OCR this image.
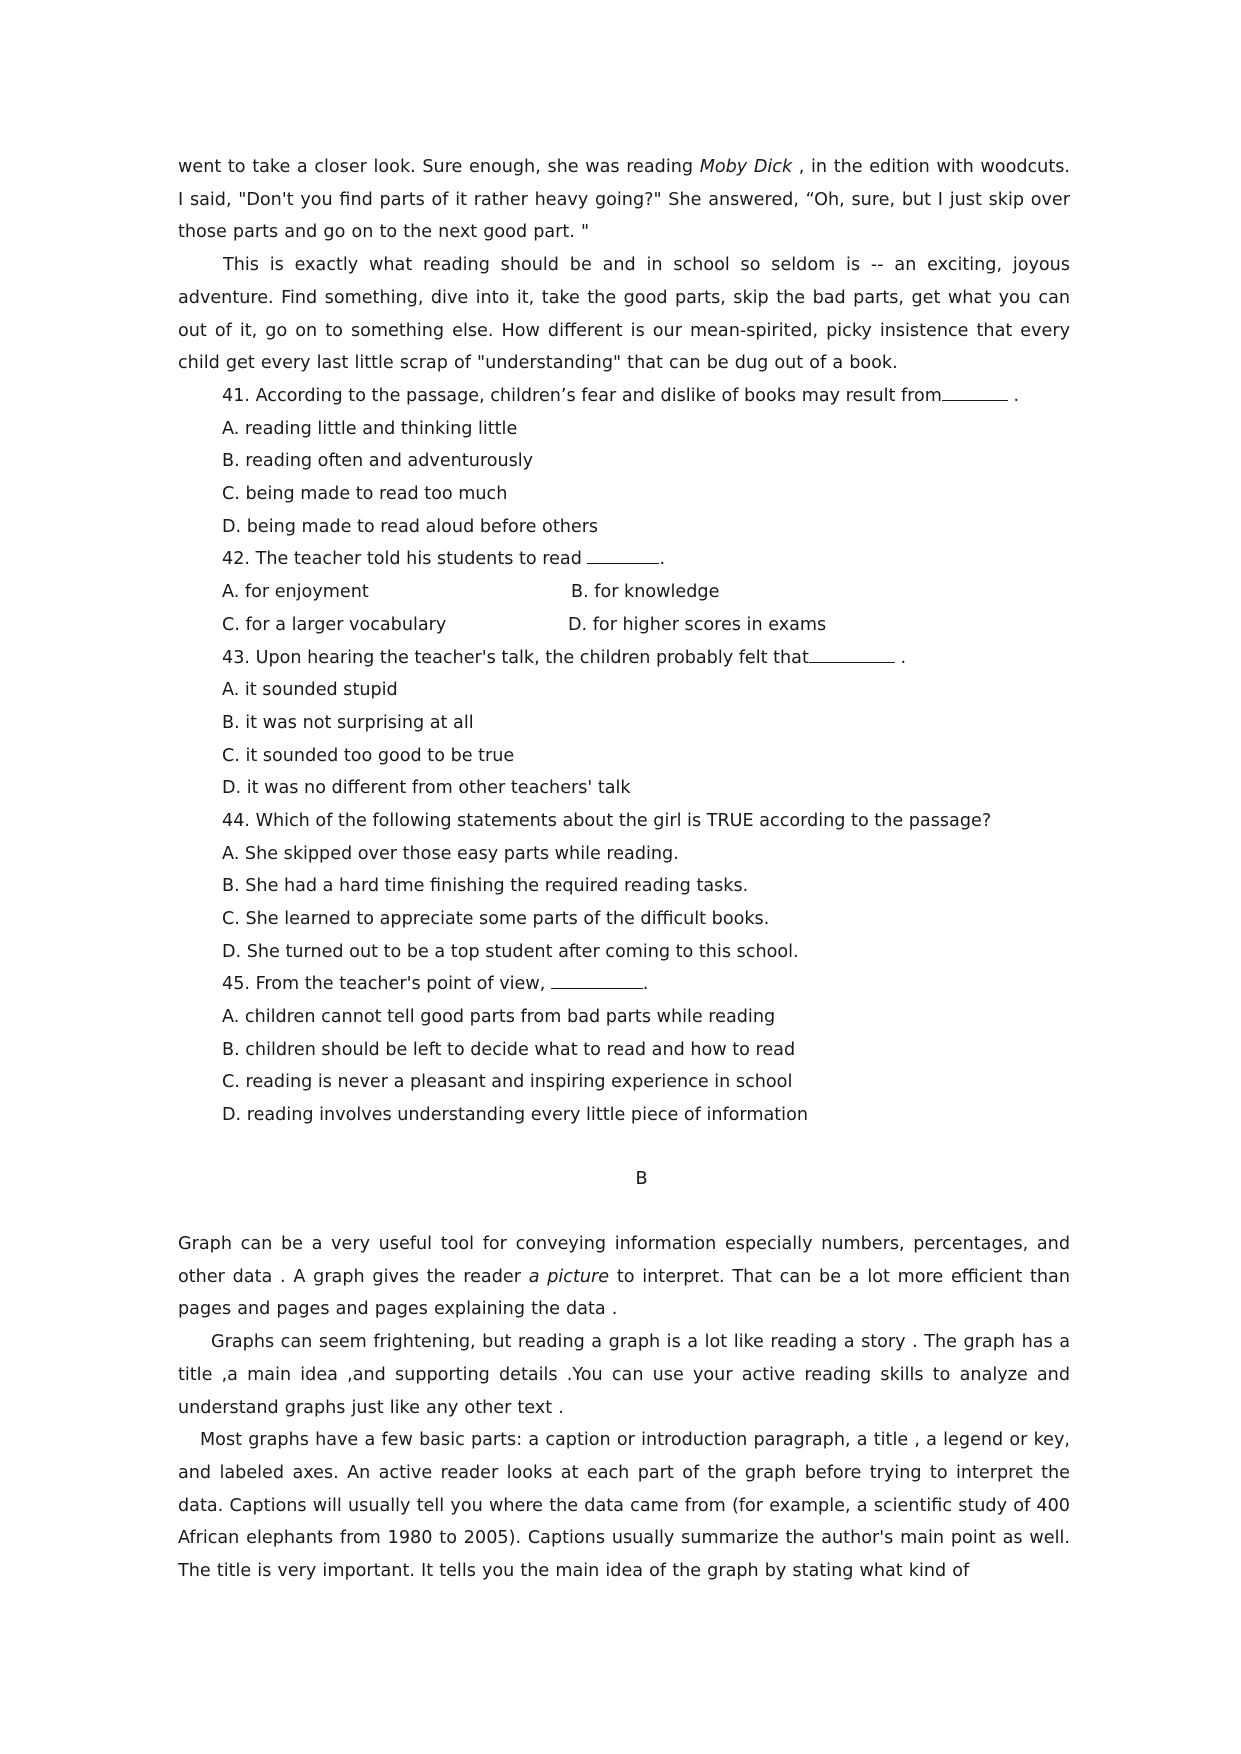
went to take a closer look. Sure enough, she was reading Moby Dick , in the edition with woodcuts. I said, "Don't you find parts of it rather heavy going?" She answered, “Oh, sure, but I just skip over those parts and go on to the next good part. "

This is exactly what reading should be and in school so seldom is -- an exciting, joyous adventure. Find something, dive into it, take the good parts, skip the bad parts, get what you can out of it, go on to something else. How different is our mean-spirited, picky insistence that every child get every last little scrap of "understanding" that can be dug out of a book.

41. According to the passage, children’s fear and dislike of books may result from	.
A. reading little and thinking little
B. reading often and adventurously
C. being made to read too much
D. being made to read aloud before others
42. The teacher told his students to read	.
A. for enjoyment	B. for knowledge
C. for a larger vocabulary	D. for higher scores in exams
43. Upon hearing the teacher's talk, the children probably felt that	.
A. it sounded stupid
B. it was not surprising at all
C. it sounded too good to be true
D. it was no different from other teachers' talk
44. Which of the following statements about the girl is TRUE according to the passage?
A. She skipped over those easy parts while reading.
B. She had a hard time finishing the required reading tasks.
C. She learned to appreciate some parts of the difficult books.
D. She turned out to be a top student after coming to this school.
45. From the teacher's point of view,	.
A. children cannot tell good parts from bad parts while reading
B. children should be left to decide what to read and how to read
C. reading is never a pleasant and inspiring experience in school
D. reading involves understanding every little piece of information
B

Graph can be a very useful tool for conveying information especially numbers, percentages, and other data . A graph gives the reader a picture to interpret. That can be a lot more efficient than pages and pages and pages explaining the data .

Graphs can seem frightening, but reading a graph is a lot like reading a story . The graph has a title ,a main idea ,and supporting details .You can use your active reading skills to analyze and understand graphs just like any other text .

Most graphs have a few basic parts: a caption or introduction paragraph, a title , a legend or key, and labeled axes. An active reader looks at each part of the graph before trying to interpret the data. Captions will usually tell you where the data came from (for example, a scientific study of 400 African elephants from 1980 to 2005). Captions usually summarize the author's main point as well. The title is very important. It tells you the main idea of the graph by stating what kind of
